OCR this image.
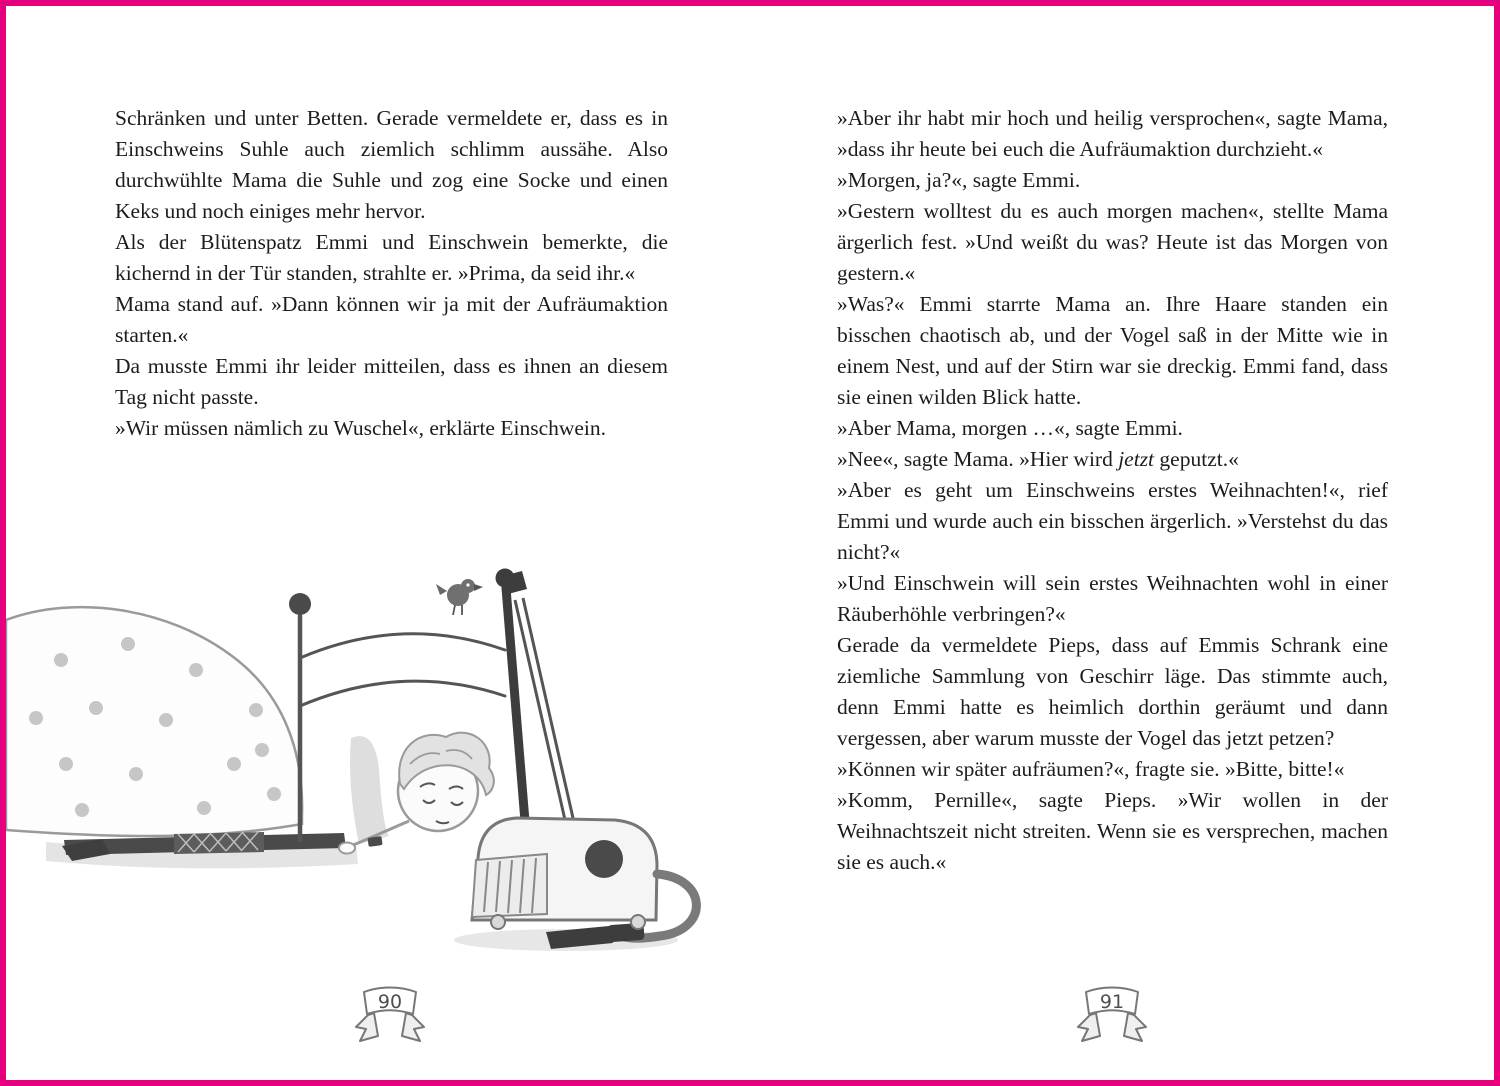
Schränken und unter Betten. Gerade vermeldete er, dass es in Einschweins Suhle auch ziemlich schlimm aussähe. Also durchwühlte Mama die Suhle und zog eine Socke und einen Keks und noch einiges mehr hervor.

Als der Blütenspatz Emmi und Einschwein bemerkte, die kichernd in der Tür standen, strahlte er. »Prima, da seid ihr.«

Mama stand auf. »Dann können wir ja mit der Aufräumaktion starten.«

Da musste Emmi ihr leider mitteilen, dass es ihnen an diesem Tag nicht passte.

»Wir müssen nämlich zu Wuschel«, erklärte Einschwein.

»Aber ihr habt mir hoch und heilig versprochen«, sagte Mama, »dass ihr heute bei euch die Aufräumaktion durchzieht.«

»Morgen, ja?«, sagte Emmi.

»Gestern wolltest du es auch morgen machen«, stellte Mama ärgerlich fest. »Und weißt du was? Heute ist das Morgen von gestern.«

»Was?« Emmi starrte Mama an. Ihre Haare standen ein bisschen chaotisch ab, und der Vogel saß in der Mitte wie in einem Nest, und auf der Stirn war sie dreckig. Emmi fand, dass sie einen wilden Blick hatte.

»Aber Mama, morgen …«, sagte Emmi.

»Nee«, sagte Mama. »Hier wird jetzt geputzt.«

»Aber es geht um Einschweins erstes Weihnachten!«, rief Emmi und wurde auch ein bisschen ärgerlich. »Verstehst du das nicht?«

»Und Einschwein will sein erstes Weihnachten wohl in einer Räuberhöhle verbringen?«

Gerade da vermeldete Pieps, dass auf Emmis Schrank eine ziemliche Sammlung von Geschirr läge. Das stimmte auch, denn Emmi hatte es heimlich dorthin geräumt und dann vergessen, aber warum musste der Vogel das jetzt petzen?

»Können wir später aufräumen?«, fragte sie. »Bitte, bitte!«

»Komm, Pernille«, sagte Pieps. »Wir wollen in der Weihnachtszeit nicht streiten. Wenn sie es versprechen, machen sie es auch.«

90	91
